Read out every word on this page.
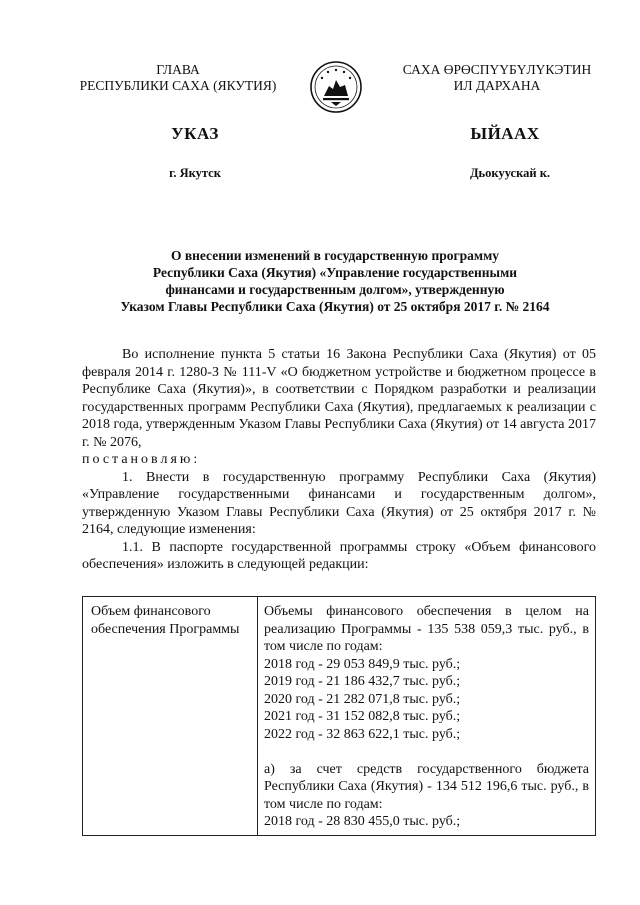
ГЛАВА
РЕСПУБЛИКИ САХА (ЯКУТИЯ)
САХА ӨРӨСПҮҮБҮЛҮКЭТИН
ИЛ ДАРХАНА
УКАЗ	ЫЙААХ
г. Якутск	Дьокуускай к.
О внесении изменений в государственную программу
Республики Саха (Якутия) «Управление государственными
финансами и государственным долгом», утвержденную
Указом Главы Республики Саха (Якутия) от 25 октября 2017 г. № 2164

Во исполнение пункта 5 статьи 16 Закона Республики Саха (Якутия) от 05 февраля 2014 г. 1280-З № 111-V «О бюджетном устройстве и бюджетном процессе в Республике Саха (Якутия)», в соответствии с Порядком разработки и реализации государственных программ Республики Саха (Якутия), предлагаемых к реализации с 2018 года, утвержденным Указом Главы Республики Саха (Якутия) от 14 августа 2017 г. № 2076,

постановляю:

1. Внести в государственную программу Республики Саха (Якутия) «Управление государственными финансами и государственным долгом», утвержденную Указом Главы Республики Саха (Якутия) от 25 октября 2017 г. № 2164, следующие изменения:

1.1. В паспорте государственной программы строку «Объем финансового обеспечения» изложить в следующей редакции:

Объем финансового обеспечения Программы
Объемы финансового обеспечения в целом на реализацию Программы - 135 538 059,3 тыс. руб., в том числе по годам:
2018 год - 29 053 849,9 тыс. руб.;
2019 год - 21 186 432,7 тыс. руб.;
2020 год - 21 282 071,8 тыс. руб.;
2021 год - 31 152 082,8 тыс. руб.;
2022 год - 32 863 622,1 тыс. руб.;
а) за счет средств государственного бюджета Республики Саха (Якутия) - 134 512 196,6 тыс. руб., в том числе по годам:
2018 год - 28 830 455,0 тыс. руб.;
